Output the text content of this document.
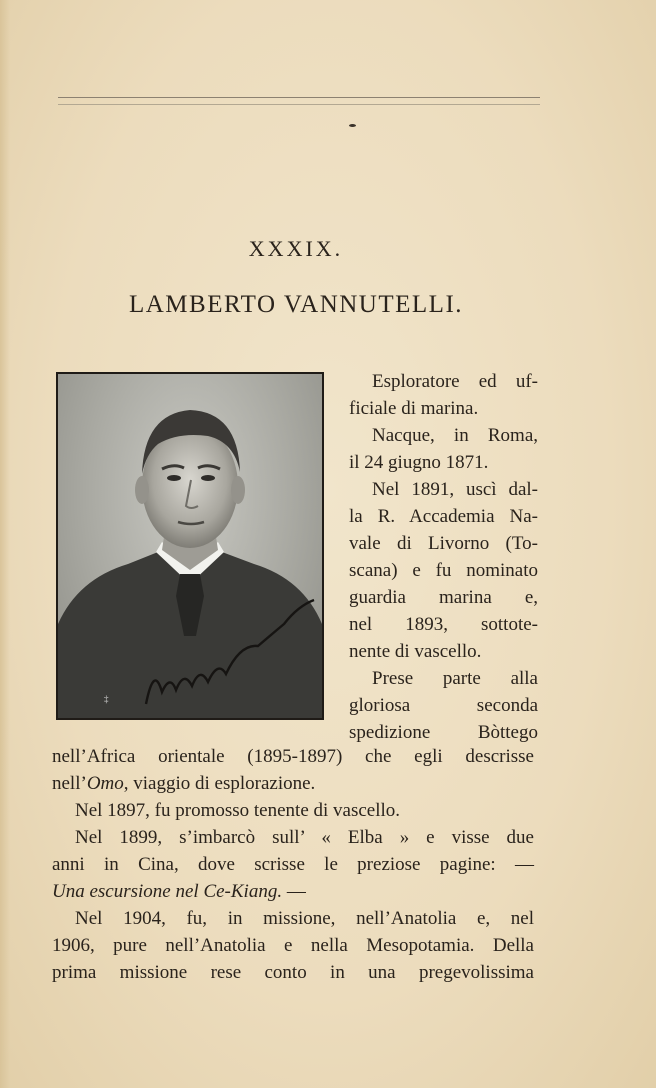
XXXIX.
LAMBERTO VANNUTELLI.
‡
Esploratore ed uf-
ficiale di marina.
Nacque, in Roma,
il 24 giugno 1871.
Nel 1891, uscì dal-
la R. Accademia Na-
vale di Livorno (To-
scana) e fu nominato
guardia marina e,
nel 1893, sottote-
nente di vascello.
Prese parte alla
gloriosa seconda
spedizione Bòttego
nell’Africa orientale (1895-1897) che egli descrisse
nell’Omo, viaggio di esplorazione.
Nel 1897, fu promosso tenente di vascello.
Nel 1899, s’imbarcò sull’ « Elba » e visse due
anni in Cina, dove scrisse le preziose pagine: —
Una escursione nel Ce-Kiang. —
Nel 1904, fu, in missione, nell’Anatolia e, nel
1906, pure nell’Anatolia e nella Mesopotamia. Della
prima missione rese conto in una pregevolissima
